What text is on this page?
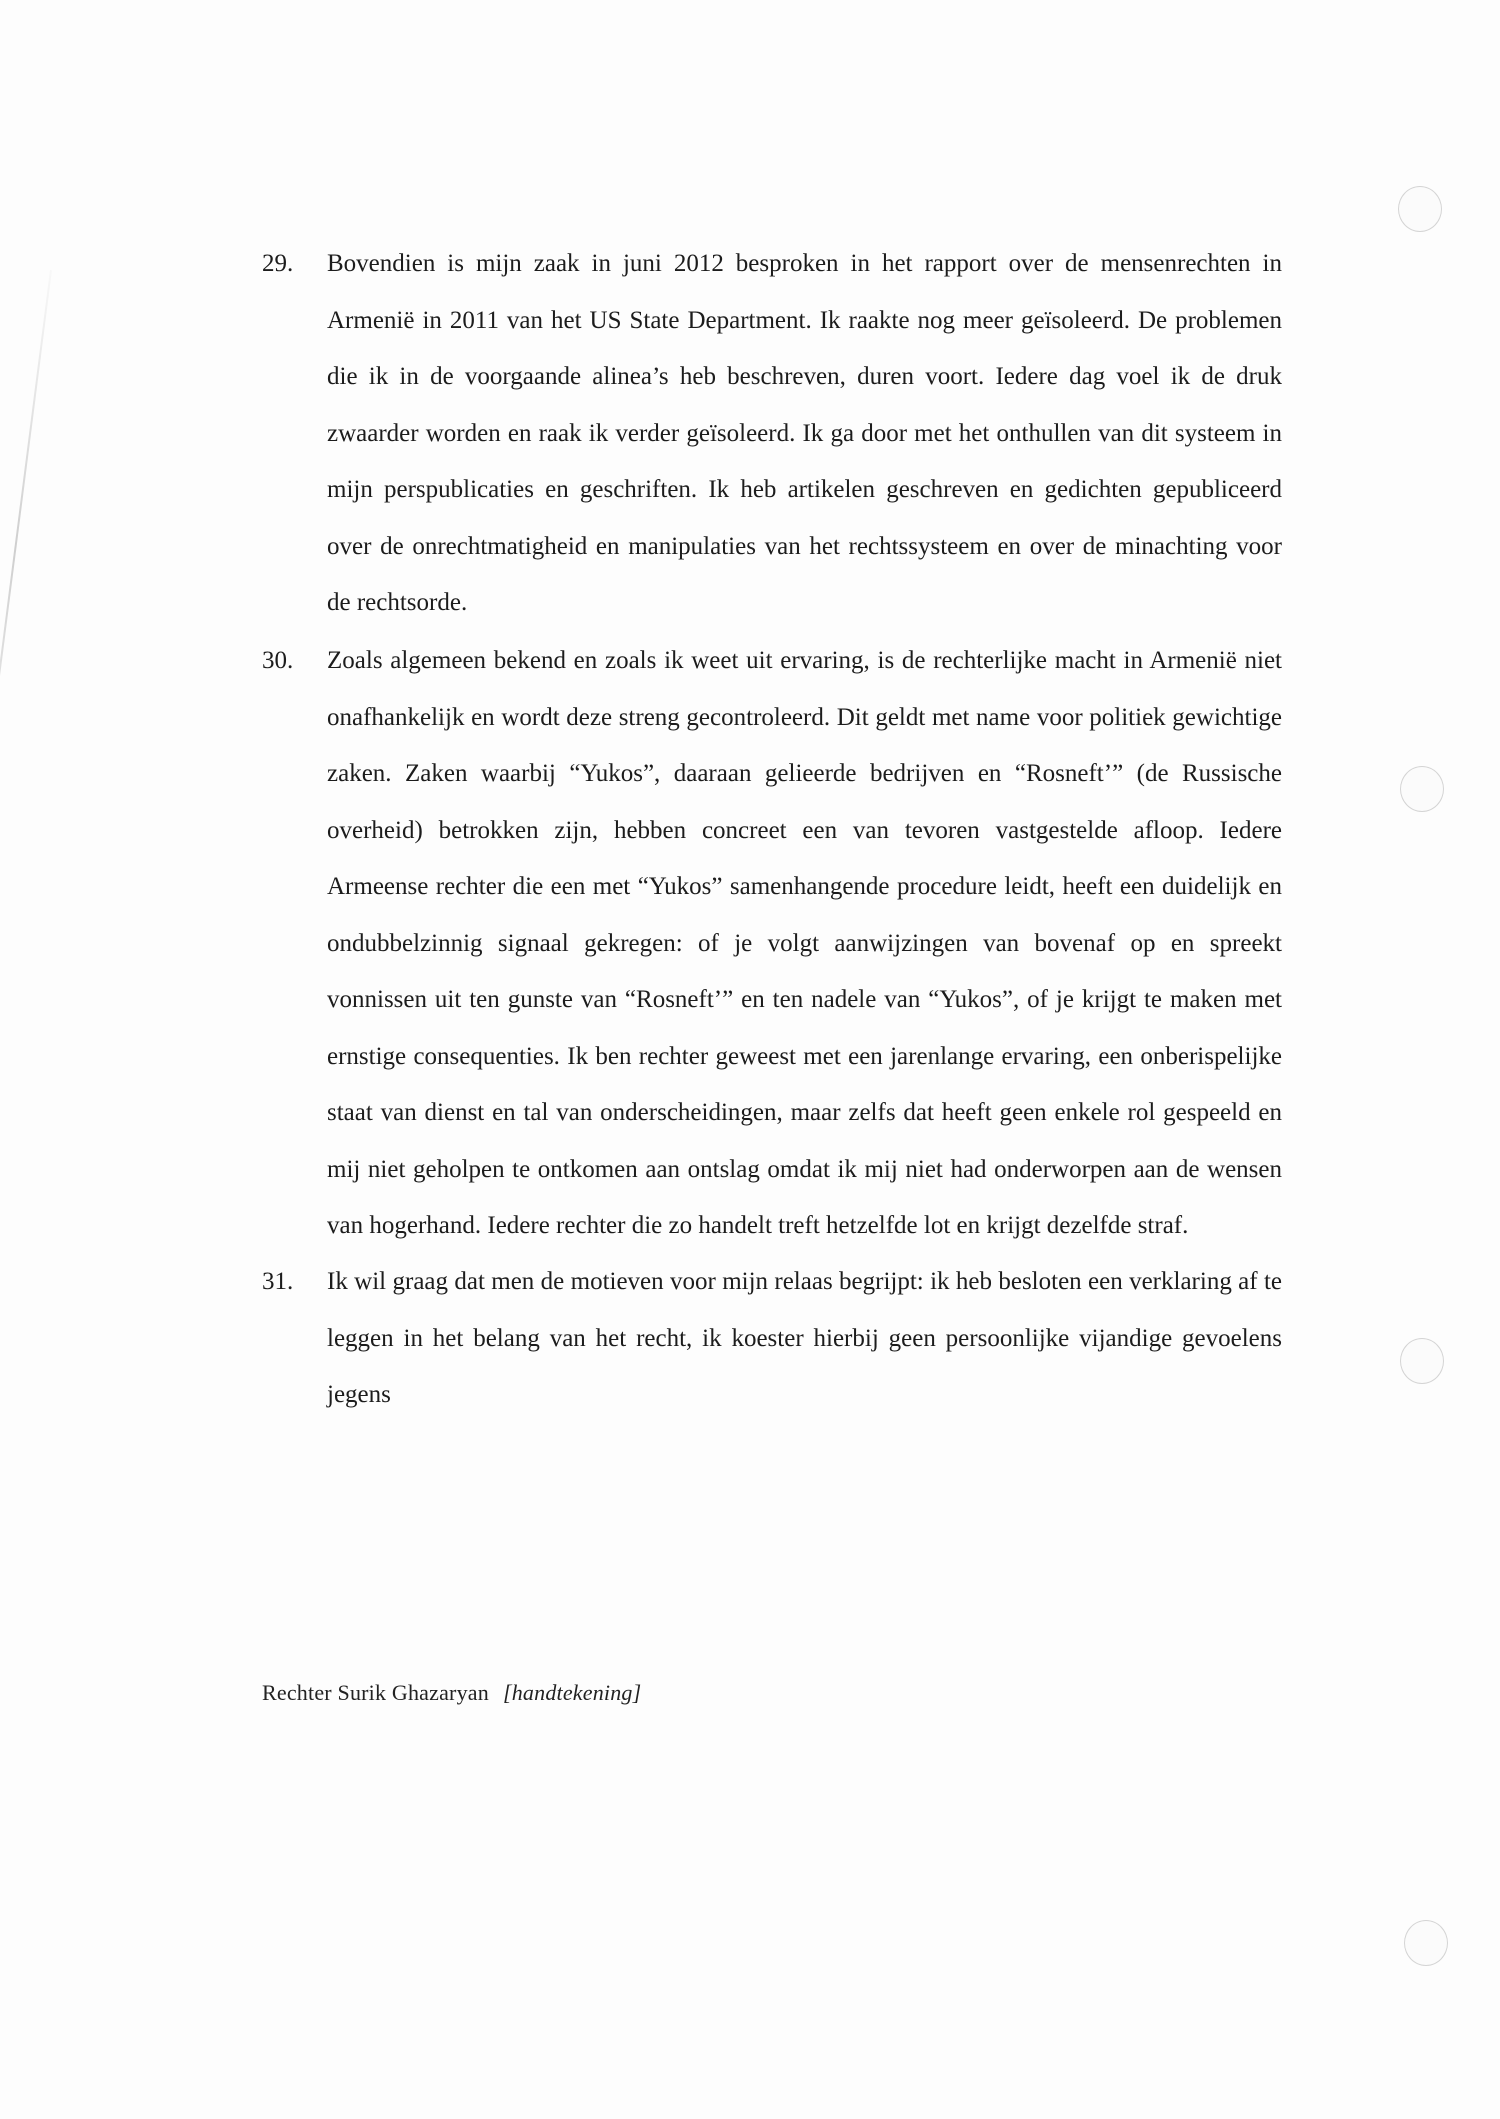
29. Bovendien is mijn zaak in juni 2012 besproken in het rapport over de mensenrechten in Armenië in 2011 van het US State Department. Ik raakte nog meer geïsoleerd. De problemen die ik in de voorgaande alinea’s heb beschreven, duren voort. Iedere dag voel ik de druk zwaarder worden en raak ik verder geïsoleerd. Ik ga door met het onthullen van dit systeem in mijn perspublicaties en geschriften. Ik heb artikelen geschreven en gedichten gepubliceerd over de onrechtmatigheid en manipulaties van het rechtssysteem en over de minachting voor de rechtsorde.
30. Zoals algemeen bekend en zoals ik weet uit ervaring, is de rechterlijke macht in Armenië niet onafhankelijk en wordt deze streng gecontroleerd. Dit geldt met name voor politiek gewichtige zaken. Zaken waarbij “Yukos”, daaraan gelieerde bedrijven en “Rosneft’” (de Russische overheid) betrokken zijn, hebben concreet een van tevoren vastgestelde afloop. Iedere Armeense rechter die een met “Yukos” samenhangende procedure leidt, heeft een duidelijk en ondubbelzinnig signaal gekregen: of je volgt aanwijzingen van bovenaf op en spreekt vonnissen uit ten gunste van “Rosneft’” en ten nadele van “Yukos”, of je krijgt te maken met ernstige consequenties. Ik ben rechter geweest met een jarenlange ervaring, een onberispelijke staat van dienst en tal van onderscheidingen, maar zelfs dat heeft geen enkele rol gespeeld en mij niet geholpen te ontkomen aan ontslag omdat ik mij niet had onderworpen aan de wensen van hogerhand. Iedere rechter die zo handelt treft hetzelfde lot en krijgt dezelfde straf.
31. Ik wil graag dat men de motieven voor mijn relaas begrijpt: ik heb besloten een verklaring af te leggen in het belang van het recht, ik koester hierbij geen persoonlijke vijandige gevoelens jegens
Rechter Surik Ghazaryan [handtekening]
